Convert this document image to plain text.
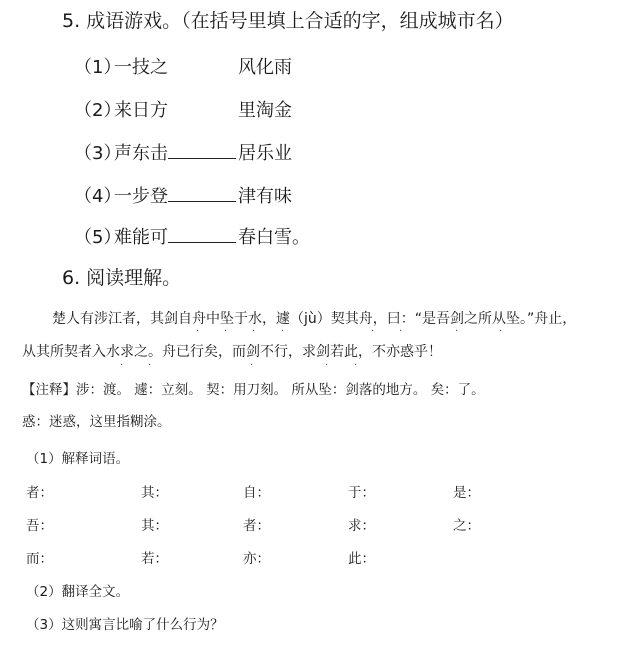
5. 成语游戏。（在括号里填上合适的字，组成城市名）
（1）一技之	风化雨
（2）来日方	里淘金
（3）声东击	居乐业
（4）一步登	津有味
（5）难能可	春白雪。
6. 阅读理解。
楚人有涉江者，其剑自舟中坠于水，遽（jù）契其舟，曰：“是吾剑之所从坠。”舟止，
· · ·	·	· ·	·	·
从其所契者入水求之。舟已行矣，而剑不行，求剑若此，不亦惑乎！
· ·	·	·	·
【注释】涉：渡。 遽：立刻。 契：用刀刻。 所从坠：剑落的地方。 矣：了。
惑：迷惑，这里指糊涂。
（1）解释词语。
者：	其：	自：	于：	是：
吾：	其：	者：	求：	之：
而：	若：	亦：	此：
（2）翻译全文。
（3）这则寓言比喻了什么行为？
